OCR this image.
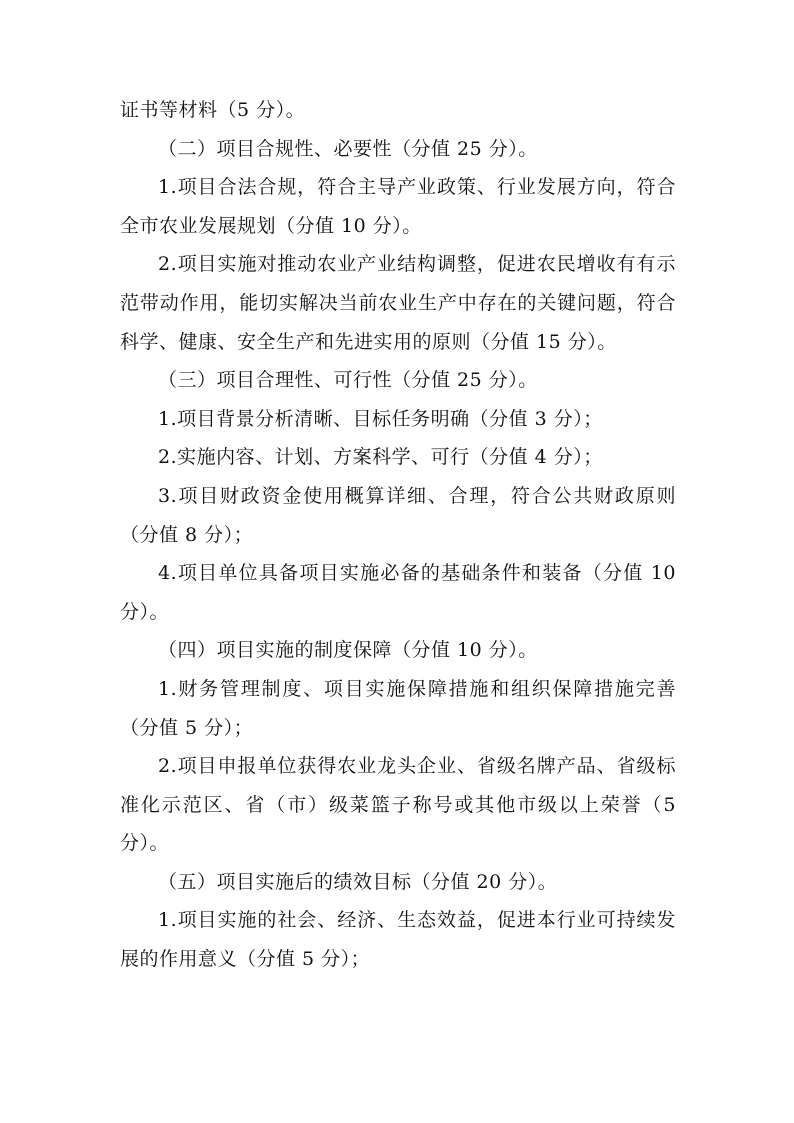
证书等材料（5 分）。

（二）项目合规性、必要性（分值 25 分）。

1.项目合法合规，符合主导产业政策、行业发展方向，符合全市农业发展规划（分值 10 分）。

2.项目实施对推动农业产业结构调整，促进农民增收有有示范带动作用，能切实解决当前农业生产中存在的关键问题，符合科学、健康、安全生产和先进实用的原则（分值 15 分）。

（三）项目合理性、可行性（分值 25 分）。

1.项目背景分析清晰、目标任务明确（分值 3 分）；

2.实施内容、计划、方案科学、可行（分值 4 分）；

3.项目财政资金使用概算详细、合理，符合公共财政原则（分值 8 分）；

4.项目单位具备项目实施必备的基础条件和装备（分值 10 分）。

（四）项目实施的制度保障（分值 10 分）。

1.财务管理制度、项目实施保障措施和组织保障措施完善（分值 5 分）；

2.项目申报单位获得农业龙头企业、省级名牌产品、省级标准化示范区、省（市）级菜篮子称号或其他市级以上荣誉（5 分）。

（五）项目实施后的绩效目标（分值 20 分）。

1.项目实施的社会、经济、生态效益，促进本行业可持续发展的作用意义（分值 5 分）；
